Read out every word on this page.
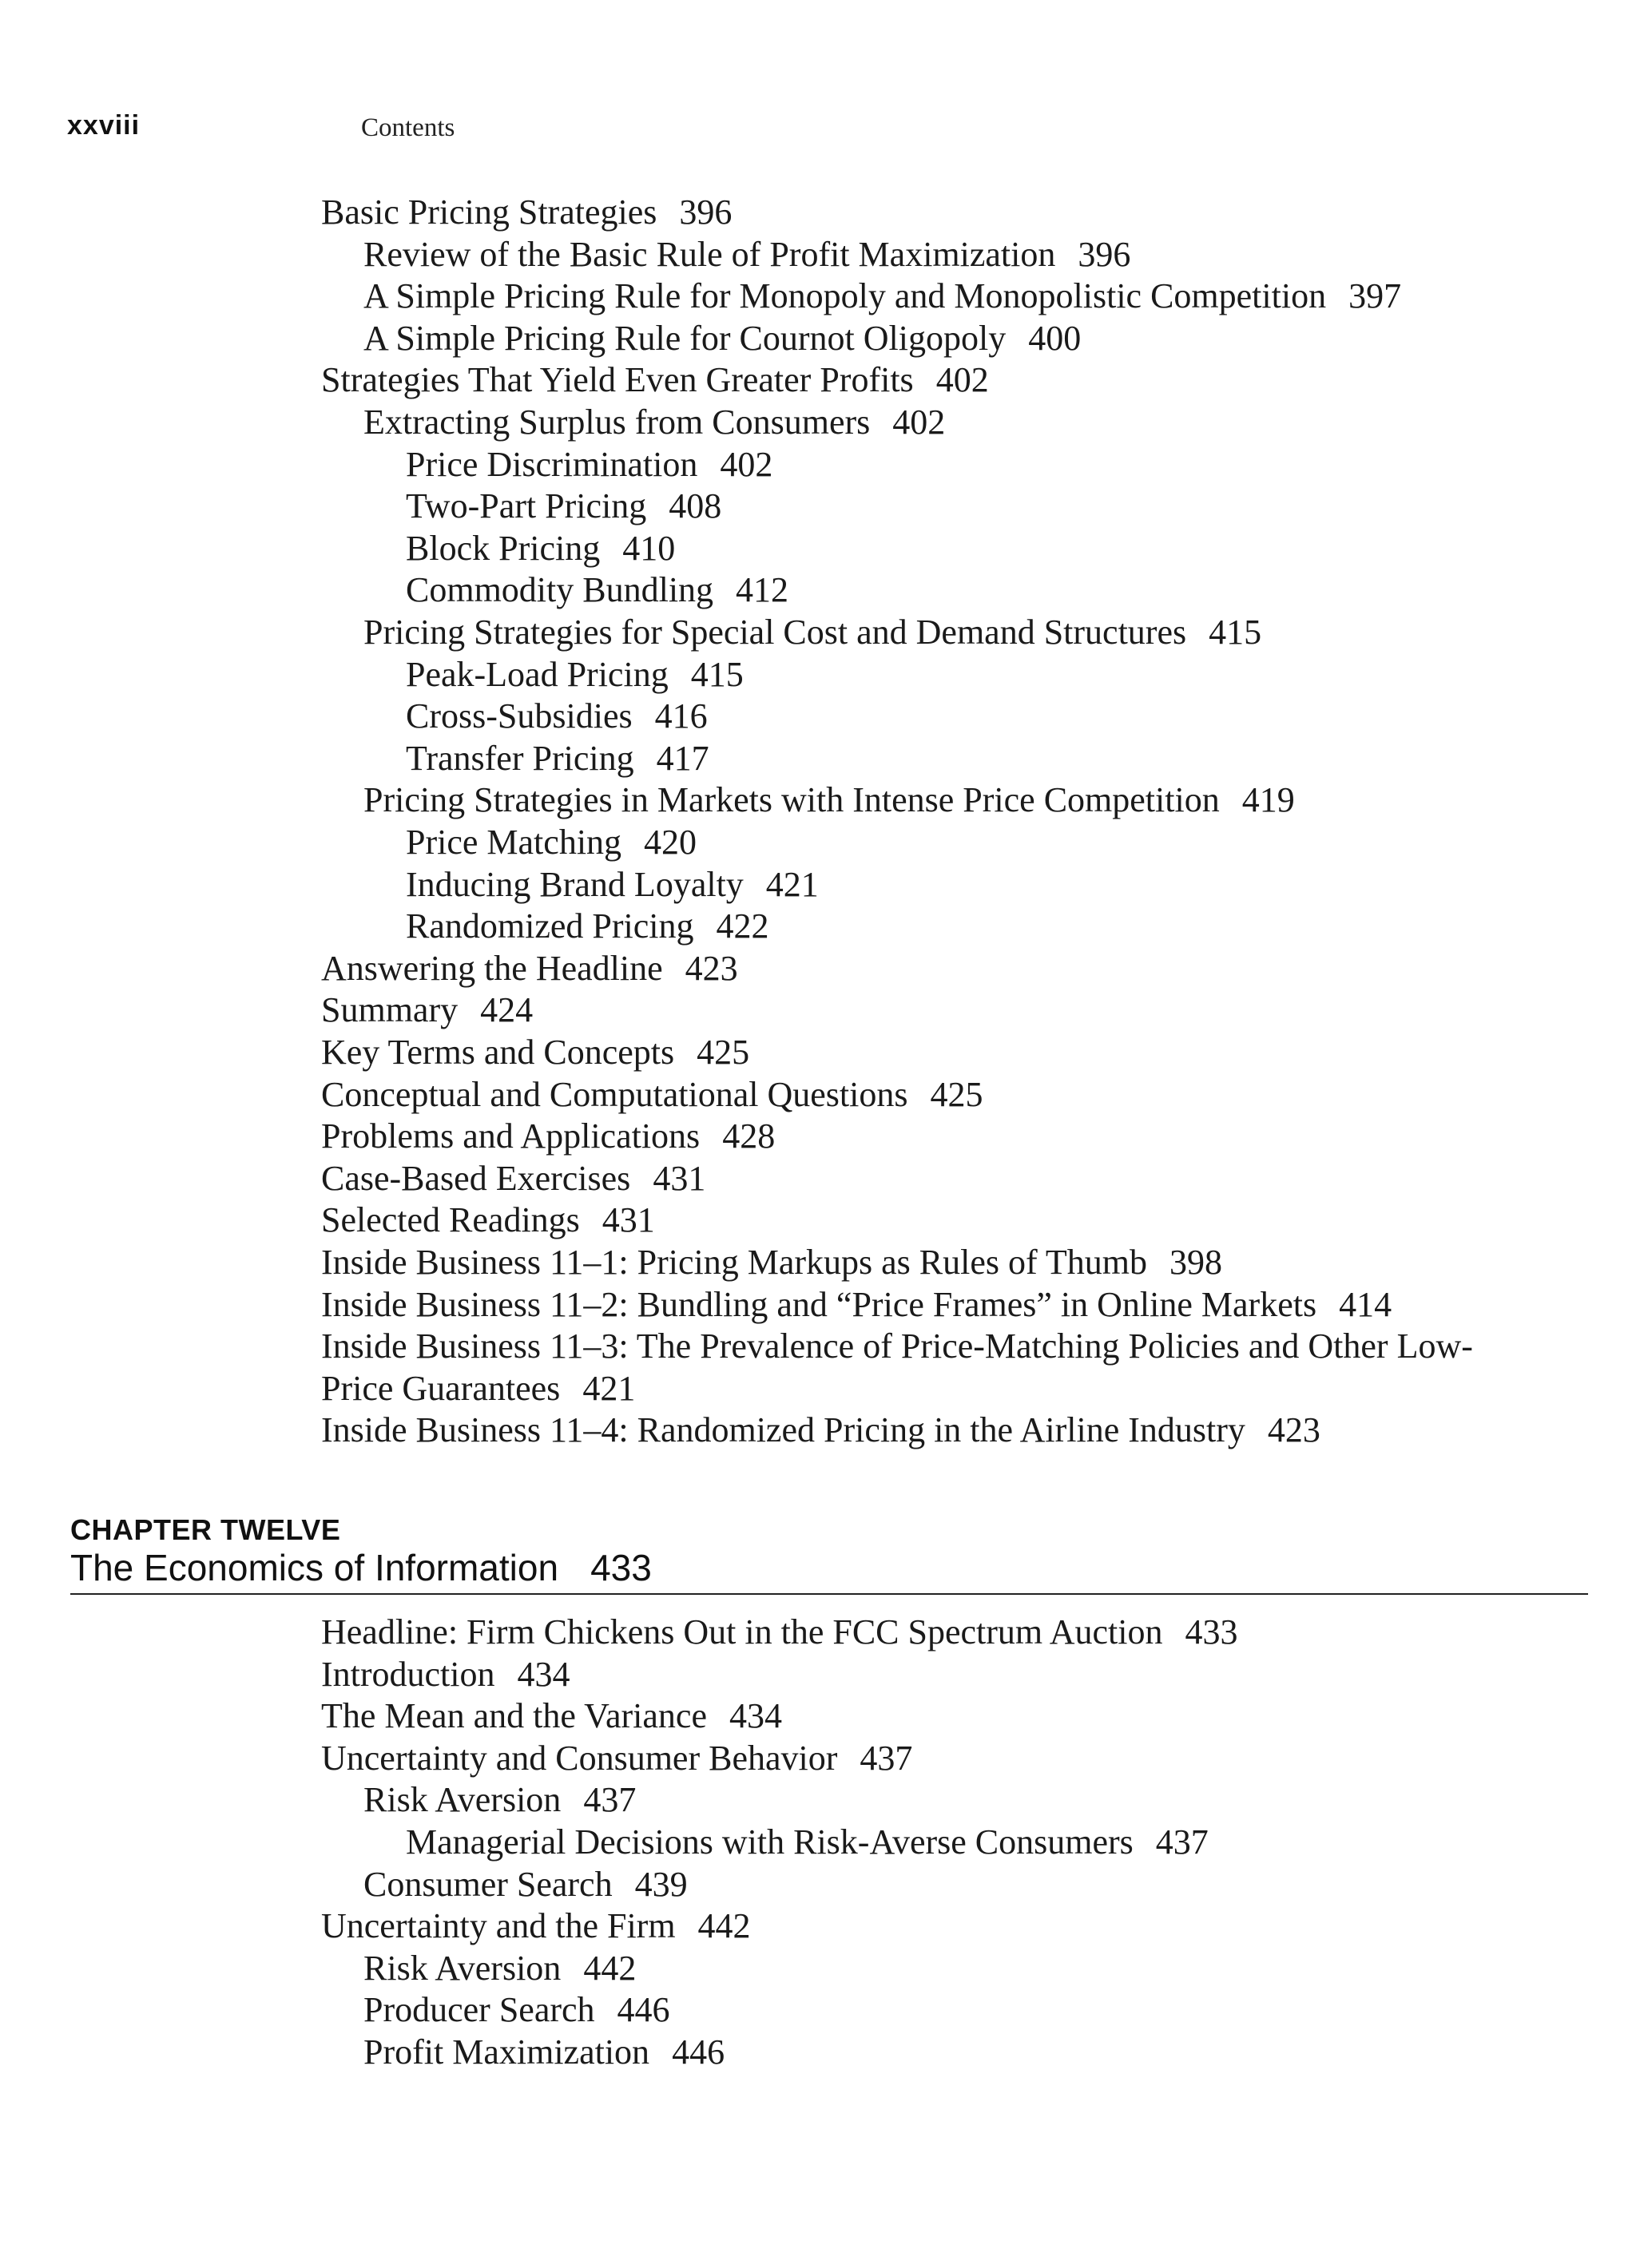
xxviii	Contents
Basic Pricing Strategies 396
Review of the Basic Rule of Profit Maximization 396
A Simple Pricing Rule for Monopoly and Monopolistic Competition 397
A Simple Pricing Rule for Cournot Oligopoly 400
Strategies That Yield Even Greater Profits 402
Extracting Surplus from Consumers 402
Price Discrimination 402
Two-Part Pricing 408
Block Pricing 410
Commodity Bundling 412
Pricing Strategies for Special Cost and Demand Structures 415
Peak-Load Pricing 415
Cross-Subsidies 416
Transfer Pricing 417
Pricing Strategies in Markets with Intense Price Competition 419
Price Matching 420
Inducing Brand Loyalty 421
Randomized Pricing 422
Answering the Headline 423
Summary 424
Key Terms and Concepts 425
Conceptual and Computational Questions 425
Problems and Applications 428
Case-Based Exercises 431
Selected Readings 431
Inside Business 11–1: Pricing Markups as Rules of Thumb 398
Inside Business 11–2: Bundling and “Price Frames” in Online Markets 414
Inside Business 11–3: The Prevalence of Price-Matching Policies and Other Low-
Price Guarantees 421
Inside Business 11–4: Randomized Pricing in the Airline Industry 423
CHAPTER TWELVE
The Economics of Information 433
Headline: Firm Chickens Out in the FCC Spectrum Auction 433
Introduction 434
The Mean and the Variance 434
Uncertainty and Consumer Behavior 437
Risk Aversion 437
Managerial Decisions with Risk-Averse Consumers 437
Consumer Search 439
Uncertainty and the Firm 442
Risk Aversion 442
Producer Search 446
Profit Maximization 446
